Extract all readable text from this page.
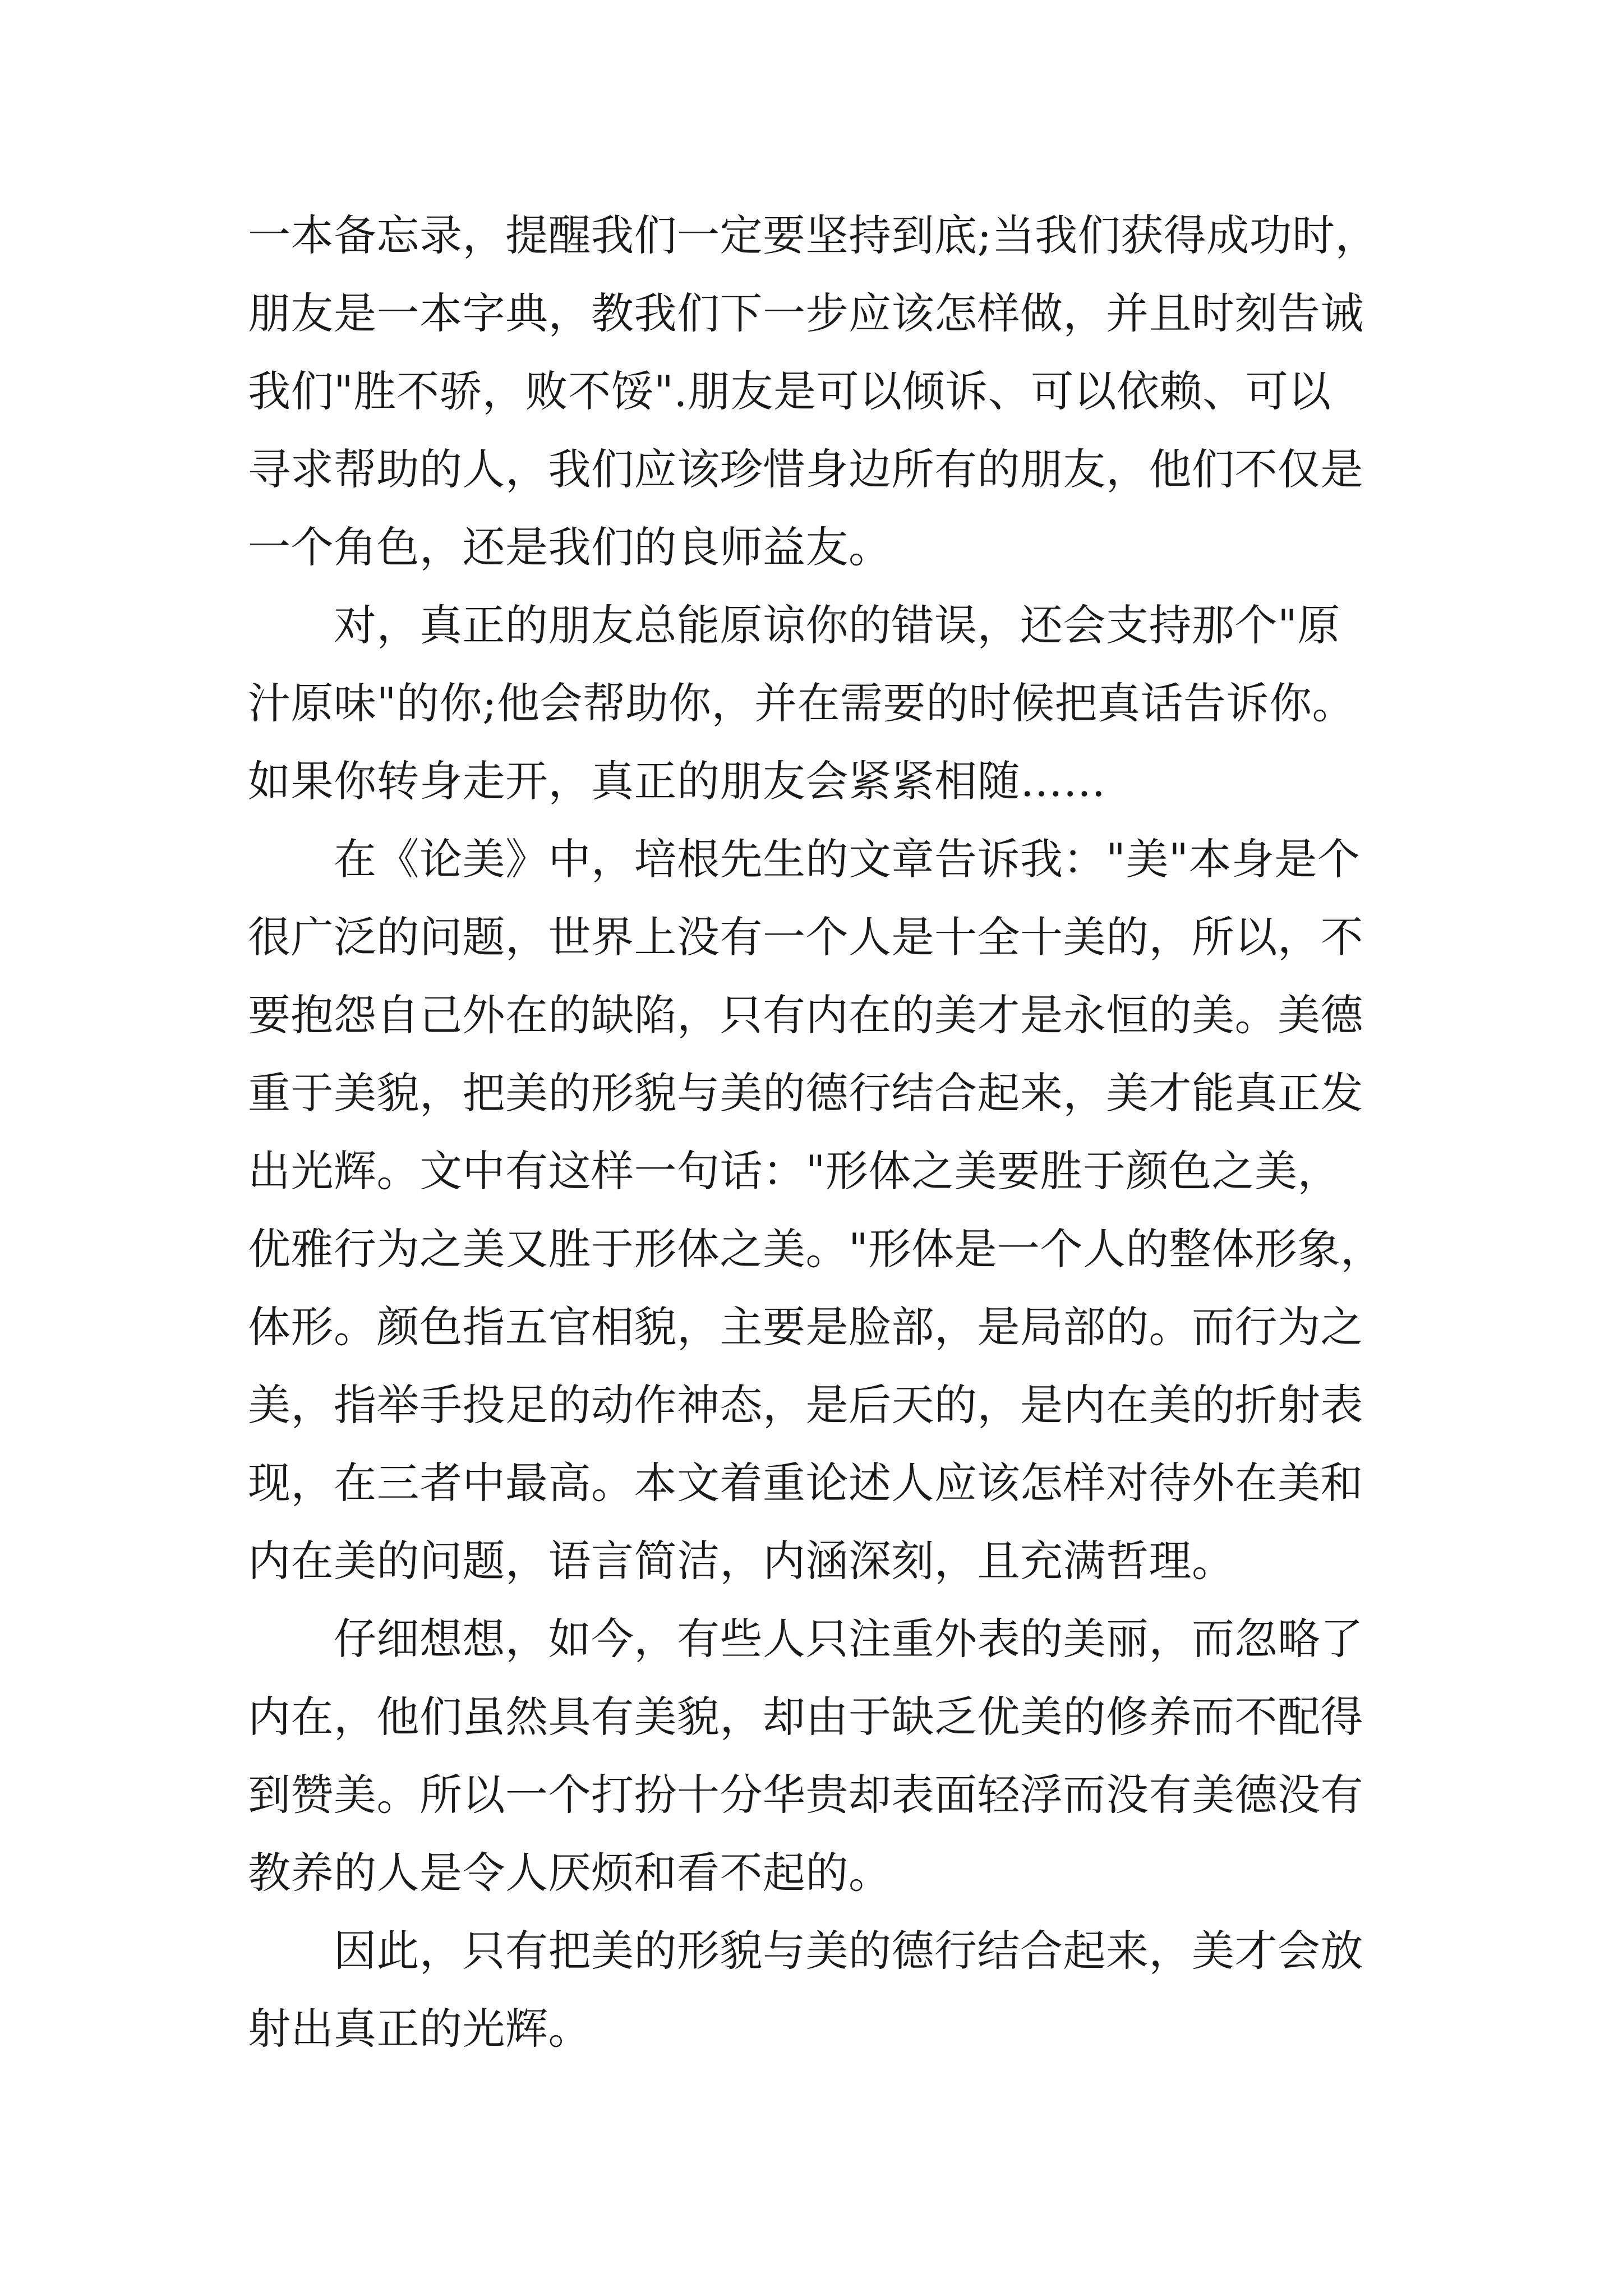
一本备忘录，提醒我们一定要坚持到底;当我们获得成功时，
朋友是一本字典，教我们下一步应该怎样做，并且时刻告诫
我们"胜不骄，败不馁".朋友是可以倾诉、可以依赖、可以
寻求帮助的人，我们应该珍惜身边所有的朋友，他们不仅是
一个角色，还是我们的良师益友。
　　对，真正的朋友总能原谅你的错误，还会支持那个"原
汁原味"的你;他会帮助你，并在需要的时候把真话告诉你。
如果你转身走开，真正的朋友会紧紧相随……
　　在《论美》中，培根先生的文章告诉我："美"本身是个
很广泛的问题，世界上没有一个人是十全十美的，所以，不
要抱怨自己外在的缺陷，只有内在的美才是永恒的美。美德
重于美貌，把美的形貌与美的德行结合起来，美才能真正发
出光辉。文中有这样一句话："形体之美要胜于颜色之美，
优雅行为之美又胜于形体之美。"形体是一个人的整体形象，
体形。颜色指五官相貌，主要是脸部，是局部的。而行为之
美，指举手投足的动作神态，是后天的，是内在美的折射表
现，在三者中最高。本文着重论述人应该怎样对待外在美和
内在美的问题，语言简洁，内涵深刻，且充满哲理。
　　仔细想想，如今，有些人只注重外表的美丽，而忽略了
内在，他们虽然具有美貌，却由于缺乏优美的修养而不配得
到赞美。所以一个打扮十分华贵却表面轻浮而没有美德没有
教养的人是令人厌烦和看不起的。
　　因此，只有把美的形貌与美的德行结合起来，美才会放
射出真正的光辉。
